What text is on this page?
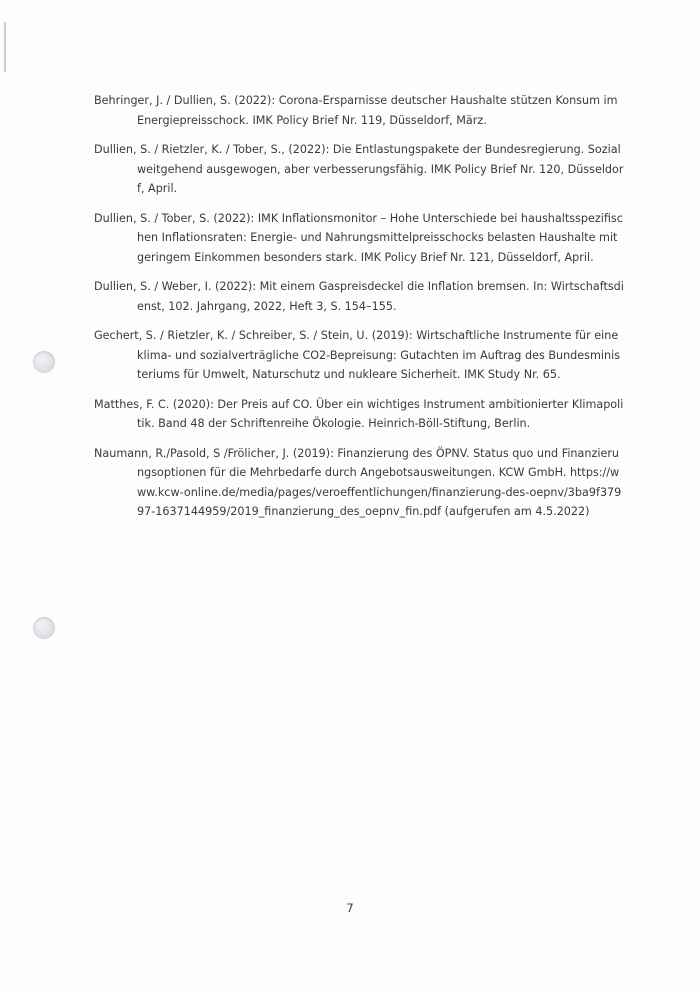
Behringer, J. / Dullien, S. (2022): Corona-Ersparnisse deutscher Haushalte stützen Konsum im Energiepreisschock. IMK Policy Brief Nr. 119, Düsseldorf, März.
Dullien, S. / Rietzler, K. / Tober, S., (2022): Die Entlastungspakete der Bundesregierung. Sozial weitgehend ausgewogen, aber verbesserungsfähig. IMK Policy Brief Nr. 120, Düsseldorf, April.
Dullien, S. / Tober, S. (2022): IMK Inflationsmonitor – Hohe Unterschiede bei haushaltsspezifischen Inflationsraten: Energie- und Nahrungsmittelpreisschocks belasten Haushalte mit geringem Einkommen besonders stark. IMK Policy Brief Nr. 121, Düsseldorf, April.
Dullien, S. / Weber, I. (2022): Mit einem Gaspreisdeckel die Inflation bremsen. In: Wirtschaftsdienst, 102. Jahrgang, 2022, Heft 3, S. 154–155.
Gechert, S. / Rietzler, K. / Schreiber, S. / Stein, U. (2019): Wirtschaftliche Instrumente für eine klima- und sozialverträgliche CO2-Bepreisung: Gutachten im Auftrag des Bundesministeriums für Umwelt, Naturschutz und nukleare Sicherheit. IMK Study Nr. 65.
Matthes, F. C. (2020): Der Preis auf CO. Über ein wichtiges Instrument ambitionierter Klimapolitik. Band 48 der Schriftenreihe Ökologie. Heinrich-Böll-Stiftung, Berlin.
Naumann, R./Pasold, S /Frölicher, J. (2019): Finanzierung des ÖPNV. Status quo und Finanzierungsoptionen für die Mehrbedarfe durch Angebotsausweitungen. KCW GmbH. https://www.kcw-online.de/media/pages/veroeffentlichungen/finanzierung-des-oepnv/3ba9f37997-1637144959/2019_finanzierung_des_oepnv_fin.pdf (aufgerufen am 4.5.2022)
7
